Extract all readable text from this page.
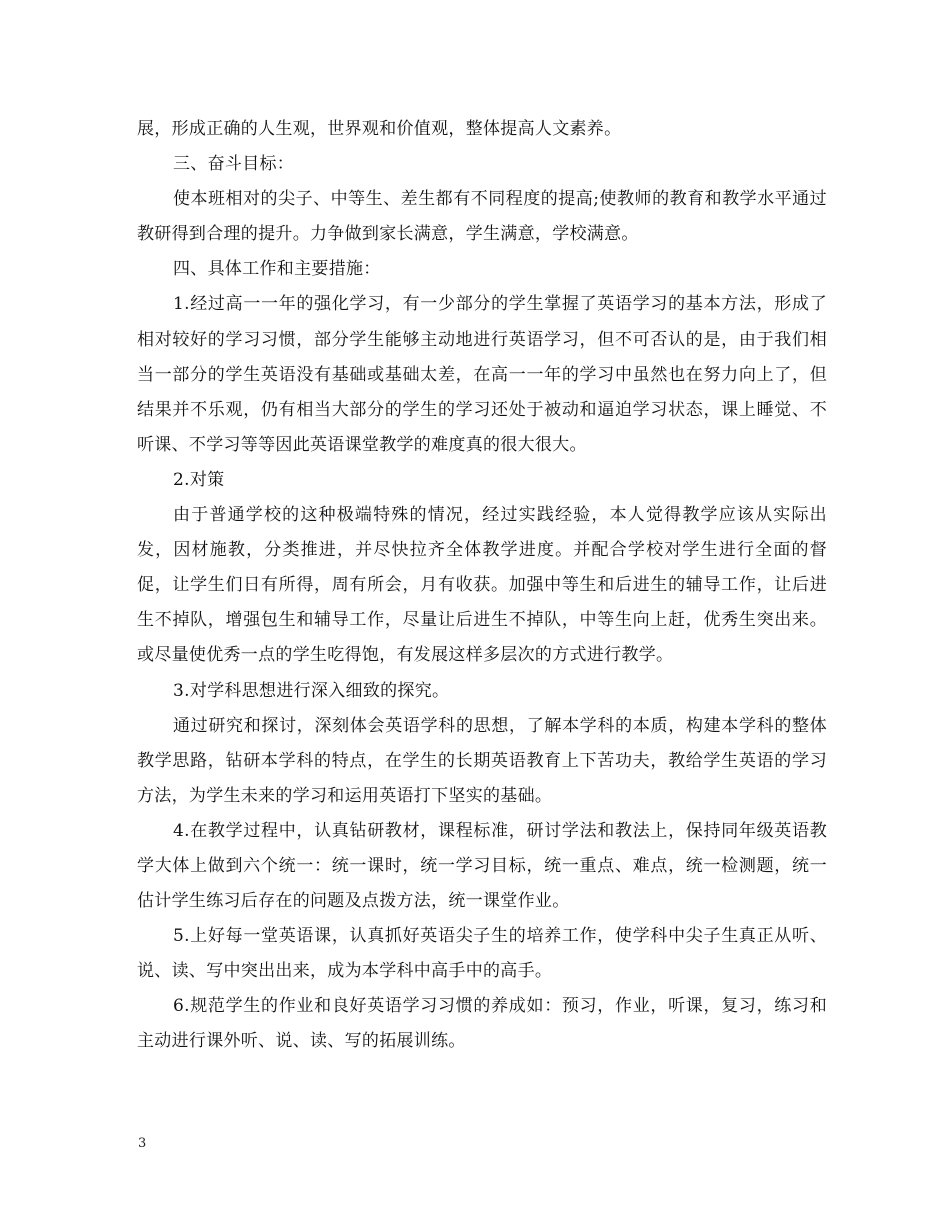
展，形成正确的人生观，世界观和价值观，整体提高人文素养。

三、奋斗目标：

使本班相对的尖子、中等生、差生都有不同程度的提高;使教师的教育和教学水平通过教研得到合理的提升。力争做到家长满意，学生满意，学校满意。

四、具体工作和主要措施：

1.经过高一一年的强化学习，有一少部分的学生掌握了英语学习的基本方法，形成了相对较好的学习习惯，部分学生能够主动地进行英语学习，但不可否认的是，由于我们相当一部分的学生英语没有基础或基础太差，在高一一年的学习中虽然也在努力向上了，但结果并不乐观，仍有相当大部分的学生的学习还处于被动和逼迫学习状态，课上睡觉、不听课、不学习等等因此英语课堂教学的难度真的很大很大。

2.对策

由于普通学校的这种极端特殊的情况，经过实践经验，本人觉得教学应该从实际出发，因材施教，分类推进，并尽快拉齐全体教学进度。并配合学校对学生进行全面的督促，让学生们日有所得，周有所会，月有收获。加强中等生和后进生的辅导工作，让后进生不掉队，增强包生和辅导工作，尽量让后进生不掉队，中等生向上赶，优秀生突出来。或尽量使优秀一点的学生吃得饱，有发展这样多层次的方式进行教学。

3.对学科思想进行深入细致的探究。

通过研究和探讨，深刻体会英语学科的思想，了解本学科的本质，构建本学科的整体教学思路，钻研本学科的特点，在学生的长期英语教育上下苦功夫，教给学生英语的学习方法，为学生未来的学习和运用英语打下坚实的基础。

4.在教学过程中，认真钻研教材，课程标准，研讨学法和教法上，保持同年级英语教学大体上做到六个统一：统一课时，统一学习目标，统一重点、难点，统一检测题，统一估计学生练习后存在的问题及点拨方法，统一课堂作业。

5.上好每一堂英语课，认真抓好英语尖子生的培养工作，使学科中尖子生真正从听、说、读、写中突出出来，成为本学科中高手中的高手。

6.规范学生的作业和良好英语学习习惯的养成如：预习，作业，听课，复习，练习和主动进行课外听、说、读、写的拓展训练。

3
